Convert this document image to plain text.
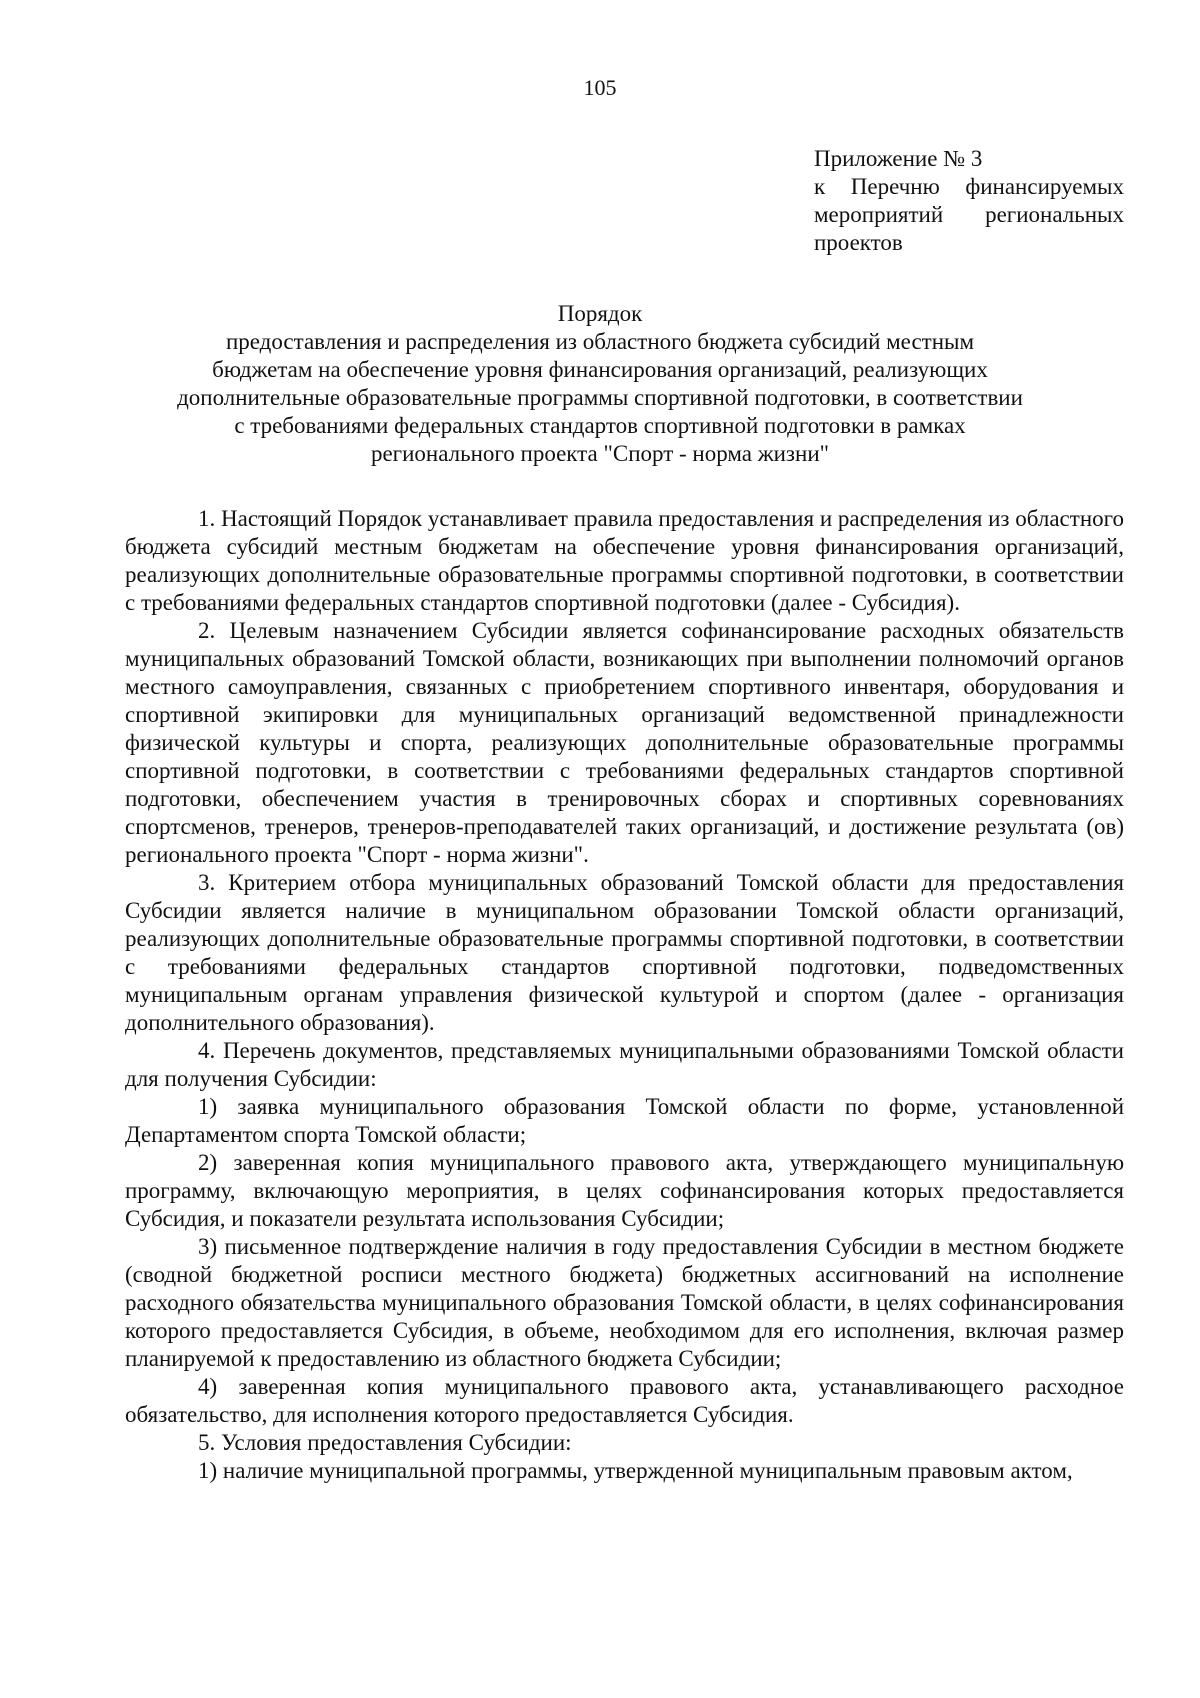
105
Приложение № 3
к Перечню финансируемых
мероприятий региональных
проектов
Порядок
предоставления и распределения из областного бюджета субсидий местным
бюджетам на обеспечение уровня финансирования организаций, реализующих
дополнительные образовательные программы спортивной подготовки, в соответствии
с требованиями федеральных стандартов спортивной подготовки в рамках
регионального проекта "Спорт - норма жизни"

1. Настоящий Порядок устанавливает правила предоставления и распределения из областного бюджета субсидий местным бюджетам на обеспечение уровня финансирования организаций, реализующих дополнительные образовательные программы спортивной подготовки, в соответствии с требованиями федеральных стандартов спортивной подготовки (далее - Субсидия).

2. Целевым назначением Субсидии является софинансирование расходных обязательств муниципальных образований Томской области, возникающих при выполнении полномочий органов местного самоуправления, связанных с приобретением спортивного инвентаря, оборудования и спортивной экипировки для муниципальных организаций ведомственной принадлежности физической культуры и спорта, реализующих дополнительные образовательные программы спортивной подготовки, в соответствии с требованиями федеральных стандартов спортивной подготовки, обеспечением участия в тренировочных сборах и спортивных соревнованиях спортсменов, тренеров, тренеров-преподавателей таких организаций, и достижение результата (ов) регионального проекта "Спорт - норма жизни".

3. Критерием отбора муниципальных образований Томской области для предоставления Субсидии является наличие в муниципальном образовании Томской области организаций, реализующих дополнительные образовательные программы спортивной подготовки, в соответствии с требованиями федеральных стандартов спортивной подготовки, подведомственных муниципальным органам управления физической культурой и спортом (далее - организация дополнительного образования).

4. Перечень документов, представляемых муниципальными образованиями Томской области для получения Субсидии:

1) заявка муниципального образования Томской области по форме, установленной Департаментом спорта Томской области;

2) заверенная копия муниципального правового акта, утверждающего муниципальную программу, включающую мероприятия, в целях софинансирования которых предоставляется Субсидия, и показатели результата использования Субсидии;

3) письменное подтверждение наличия в году предоставления Субсидии в местном бюджете (сводной бюджетной росписи местного бюджета) бюджетных ассигнований на исполнение расходного обязательства муниципального образования Томской области, в целях софинансирования которого предоставляется Субсидия, в объеме, необходимом для его исполнения, включая размер планируемой к предоставлению из областного бюджета Субсидии;

4) заверенная копия муниципального правового акта, устанавливающего расходное обязательство, для исполнения которого предоставляется Субсидия.

5. Условия предоставления Субсидии:

1) наличие муниципальной программы, утвержденной муниципальным правовым актом,
